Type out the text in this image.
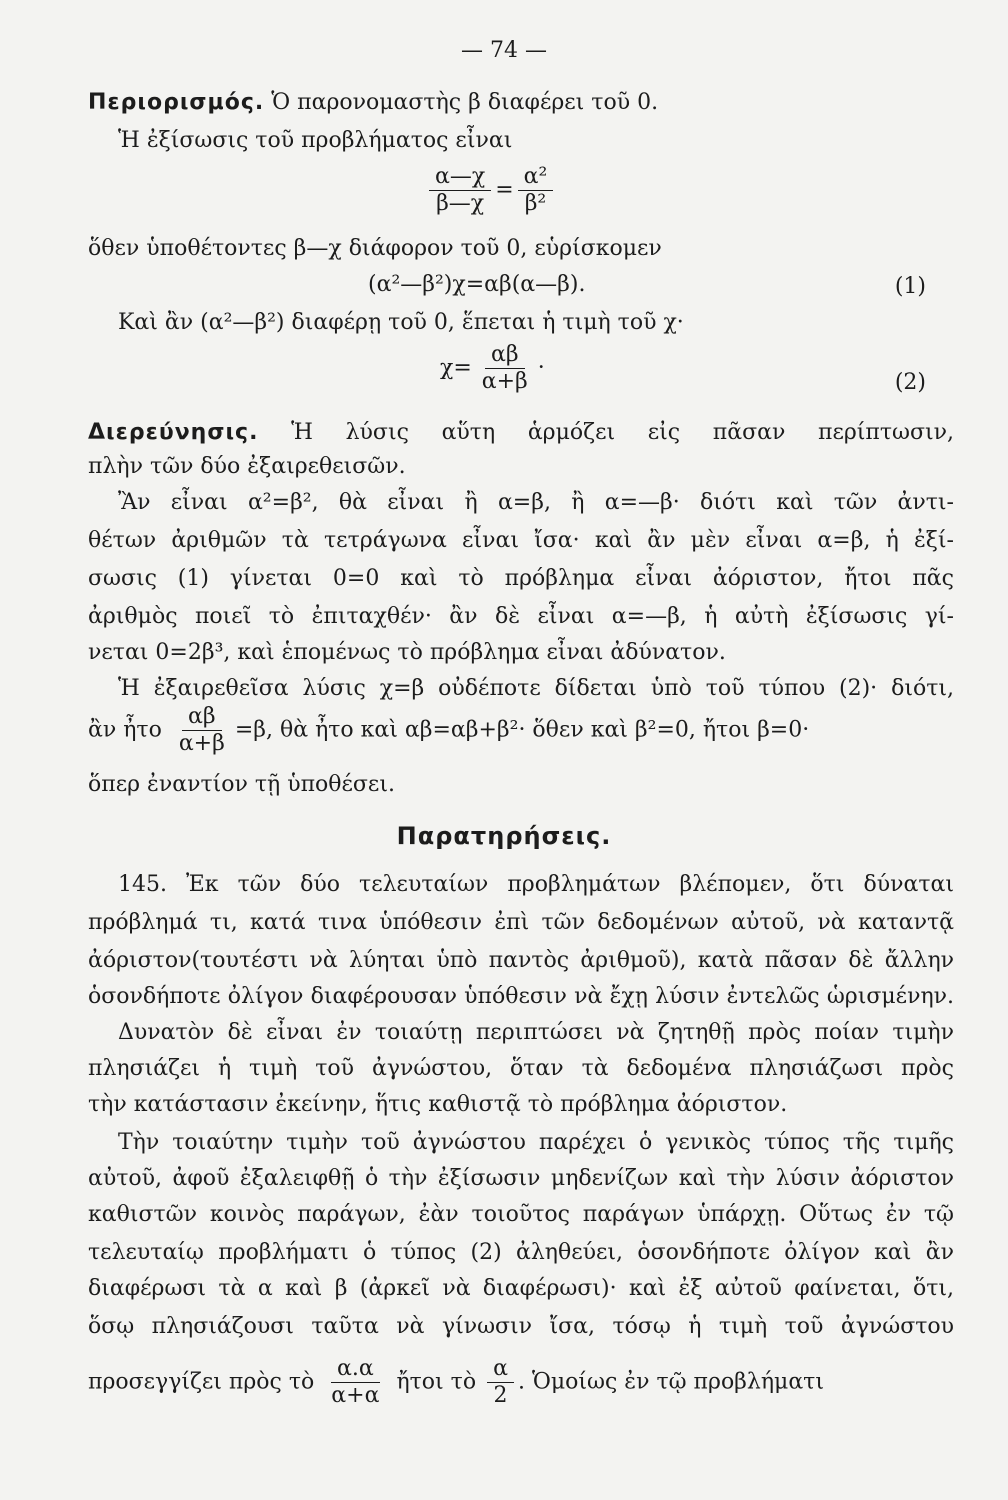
— 74 —
Περιορισμός. Ὁ παρονομαστὴς β διαφέρει τοῦ 0.
Ἡ ἐξίσωσις τοῦ προβλήματος εἶναι
$\frac{\alpha—\chi}{\beta—\chi} = \frac{\text{α²}}{\text{β²}}$
ὅθεν ὑποθέτοντες β—χ διάφορον τοῦ 0, εὑρίσκομεν
(α²—β²)χ=αβ(α—β).	(1)
Καὶ ἂν (α²—β²) διαφέρῃ τοῦ 0, ἕπεται ἡ τιμὴ τοῦ χ·
$\chi= \frac{\alpha\beta}{\alpha+\beta}$ ·
(2)
Διερεύνησις. Ἡ λύσις αὕτη ἁρμόζει εἰς πᾶσαν περίπτωσιν,
πλὴν τῶν δύο ἐξαιρεθεισῶν.
Ἂν εἶναι α²=β², θὰ εἶναι ἢ α=β, ἢ α=—β· διότι καὶ τῶν ἀντι-
θέτων ἀριθμῶν τὰ τετράγωνα εἶναι ἴσα· καὶ ἂν μὲν εἶναι α=β, ἡ ἐξί-
σωσις (1) γίνεται 0=0 καὶ τὸ πρόβλημα εἶναι ἀόριστον, ἤτοι πᾶς
ἀριθμὸς ποιεῖ τὸ ἐπιταχθέν· ἂν δὲ εἶναι α=—β, ἡ αὐτὴ ἐξίσωσις γί-
νεται 0=2β³, καὶ ἑπομένως τὸ πρόβλημα εἶναι ἀδύνατον.
Ἡ ἐξαιρεθεῖσα λύσις χ=β οὐδέποτε δίδεται ὑπὸ τοῦ τύπου (2)· διότι,
ἂν ἦτο $\frac{\alpha\beta}{\alpha+\beta} =\beta$, θὰ ἦτο καὶ αβ=αβ+β²· ὅθεν καὶ β²=0, ἤτοι β=0·
ὅπερ ἐναντίον τῇ ὑποθέσει.
Παρατηρήσεις.
145. Ἐκ τῶν δύο τελευταίων προβλημάτων βλέπομεν, ὅτι δύναται
πρόβλημά τι, κατά τινα ὑπόθεσιν ἐπὶ τῶν δεδομένων αὐτοῦ, νὰ καταντᾷ
ἀόριστον(τουτέστι νὰ λύηται ὑπὸ παντὸς ἀριθμοῦ), κατὰ πᾶσαν δὲ ἄλλην
ὁσονδήποτε ὀλίγον διαφέρουσαν ὑπόθεσιν νὰ ἔχῃ λύσιν ἐντελῶς ὡρισμένην.
Δυνατὸν δὲ εἶναι ἐν τοιαύτῃ περιπτώσει νὰ ζητηθῇ πρὸς ποίαν τιμὴν
πλησιάζει ἡ τιμὴ τοῦ ἀγνώστου, ὅταν τὰ δεδομένα πλησιάζωσι πρὸς
τὴν κατάστασιν ἐκείνην, ἥτις καθιστᾷ τὸ πρόβλημα ἀόριστον.
Τὴν τοιαύτην τιμὴν τοῦ ἀγνώστου παρέχει ὁ γενικὸς τύπος τῆς τιμῆς
αὐτοῦ, ἀφοῦ ἐξαλειφθῇ ὁ τὴν ἐξίσωσιν μηδενίζων καὶ τὴν λύσιν ἀόριστον
καθιστῶν κοινὸς παράγων, ἐὰν τοιοῦτος παράγων ὑπάρχῃ. Οὕτως ἐν τῷ
τελευταίῳ προβλήματι ὁ τύπος (2) ἀληθεύει, ὁσονδήποτε ὀλίγον καὶ ἂν
διαφέρωσι τὰ α καὶ β (ἀρκεῖ νὰ διαφέρωσι)· καὶ ἐξ αὐτοῦ φαίνεται, ὅτι,
ὅσῳ πλησιάζουσι ταῦτα νὰ γίνωσιν ἴσα, τόσῳ ἡ τιμὴ τοῦ ἀγνώστου
προσεγγίζει πρὸς τὸ $\frac{\alpha.\alpha}{\alpha+\alpha}$ ἤτοι τὸ $\frac{\alpha}{2}$ . Ὁμοίως ἐν τῷ προβλήματι
